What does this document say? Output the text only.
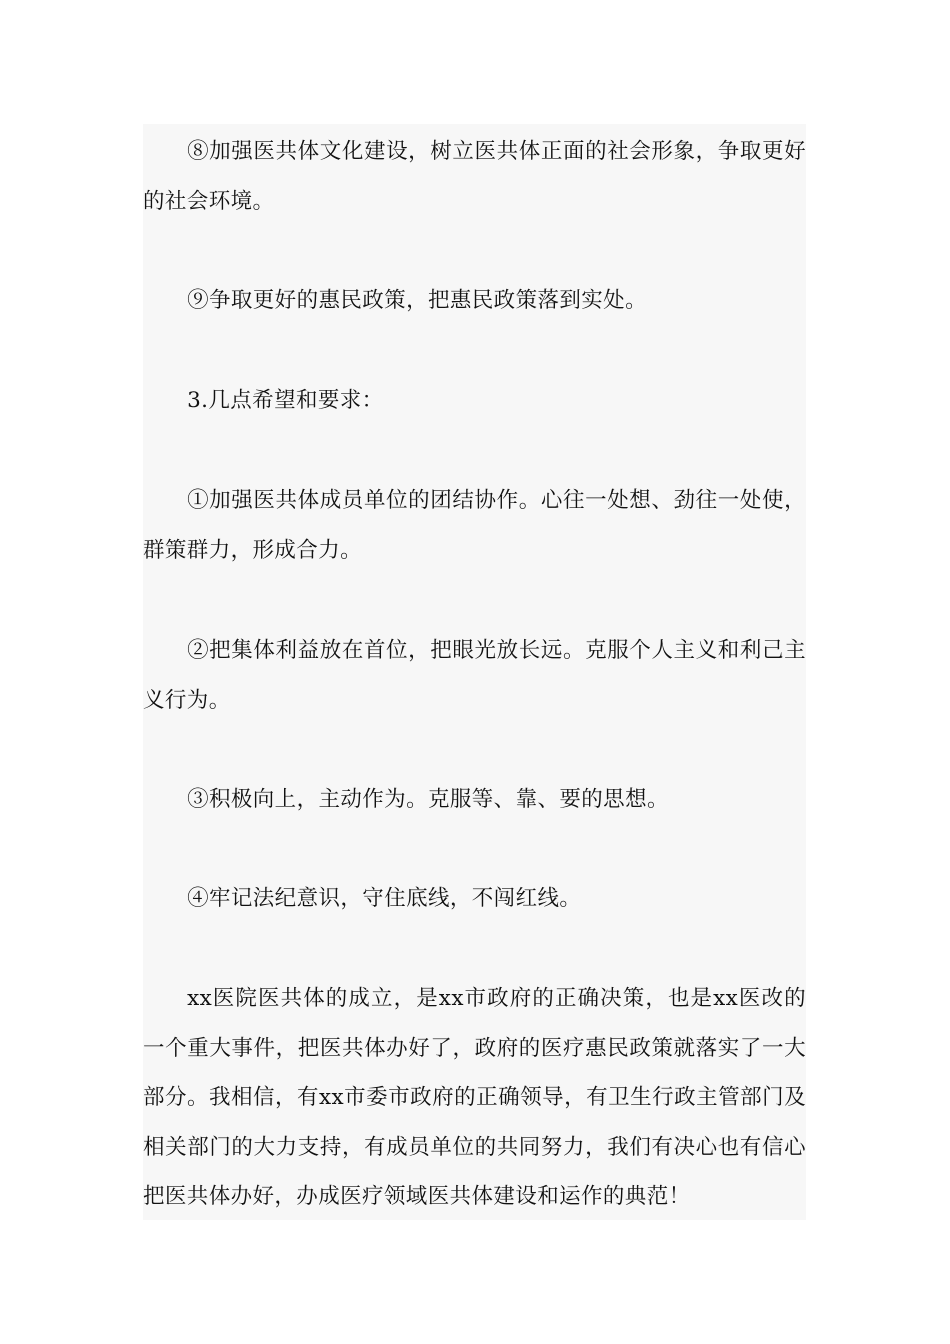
⑧加强医共体文化建设，树立医共体正面的社会形象，争取更好的社会环境。

⑨争取更好的惠民政策，把惠民政策落到实处。

3.几点希望和要求：

①加强医共体成员单位的团结协作。心往一处想、劲往一处使，群策群力，形成合力。

②把集体利益放在首位，把眼光放长远。克服个人主义和利己主义行为。

③积极向上，主动作为。克服等、靠、要的思想。

④牢记法纪意识，守住底线，不闯红线。

xx医院医共体的成立，是xx市政府的正确决策，也是xx医改的一个重大事件，把医共体办好了，政府的医疗惠民政策就落实了一大部分。我相信，有xx市委市政府的正确领导，有卫生行政主管部门及相关部门的大力支持，有成员单位的共同努力，我们有决心也有信心把医共体办好，办成医疗领域医共体建设和运作的典范！
